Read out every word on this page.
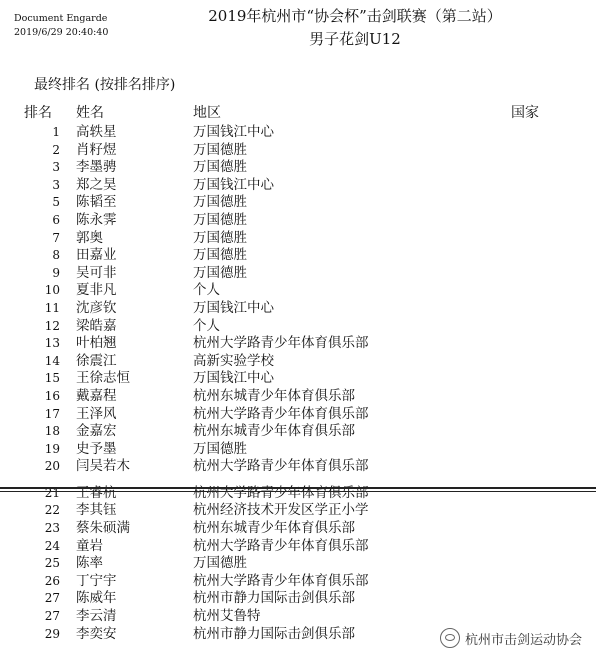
Document Engarde
2019/6/29 20:40:40
2019年杭州市“协会杯”击剑联赛（第二站）
男子花剑U12
最终排名 (按排名排序)
排名 姓名	地区	国家
1 高轶星	万国钱江中心
2 肖籽煜	万国德胜
3 李墨骋	万国德胜
3 郑之昊	万国钱江中心
5 陈韬至	万国德胜
6 陈永霁	万国德胜
7 郭奥	万国德胜
8 田嘉业	万国德胜
9 吴可非	万国德胜
10 夏非凡	个人
11 沈彦钦	万国钱江中心
12 梁皓嘉	个人
13 叶柏翘	杭州大学路青少年体育俱乐部
14 徐震江	高新实验学校
15 王徐志恒	万国钱江中心
16 戴嘉程	杭州东城青少年体育俱乐部
17 王泽风	杭州大学路青少年体育俱乐部
18 金嘉宏	杭州东城青少年体育俱乐部
19 史予墨	万国德胜
20 闫吴若木	杭州大学路青少年体育俱乐部
21 王睿杭	杭州大学路青少年体育俱乐部
22 李其钰	杭州经济技术开发区学正小学
23 蔡朱硕满	杭州东城青少年体育俱乐部
24 童岩	杭州大学路青少年体育俱乐部
25 陈率	万国德胜
26 丁宁宇	杭州大学路青少年体育俱乐部
27 陈威年	杭州市静力国际击剑俱乐部
27 李云清	杭州艾鲁特
29 李奕安	杭州市静力国际击剑俱乐部	杭州市击剑运动协会
